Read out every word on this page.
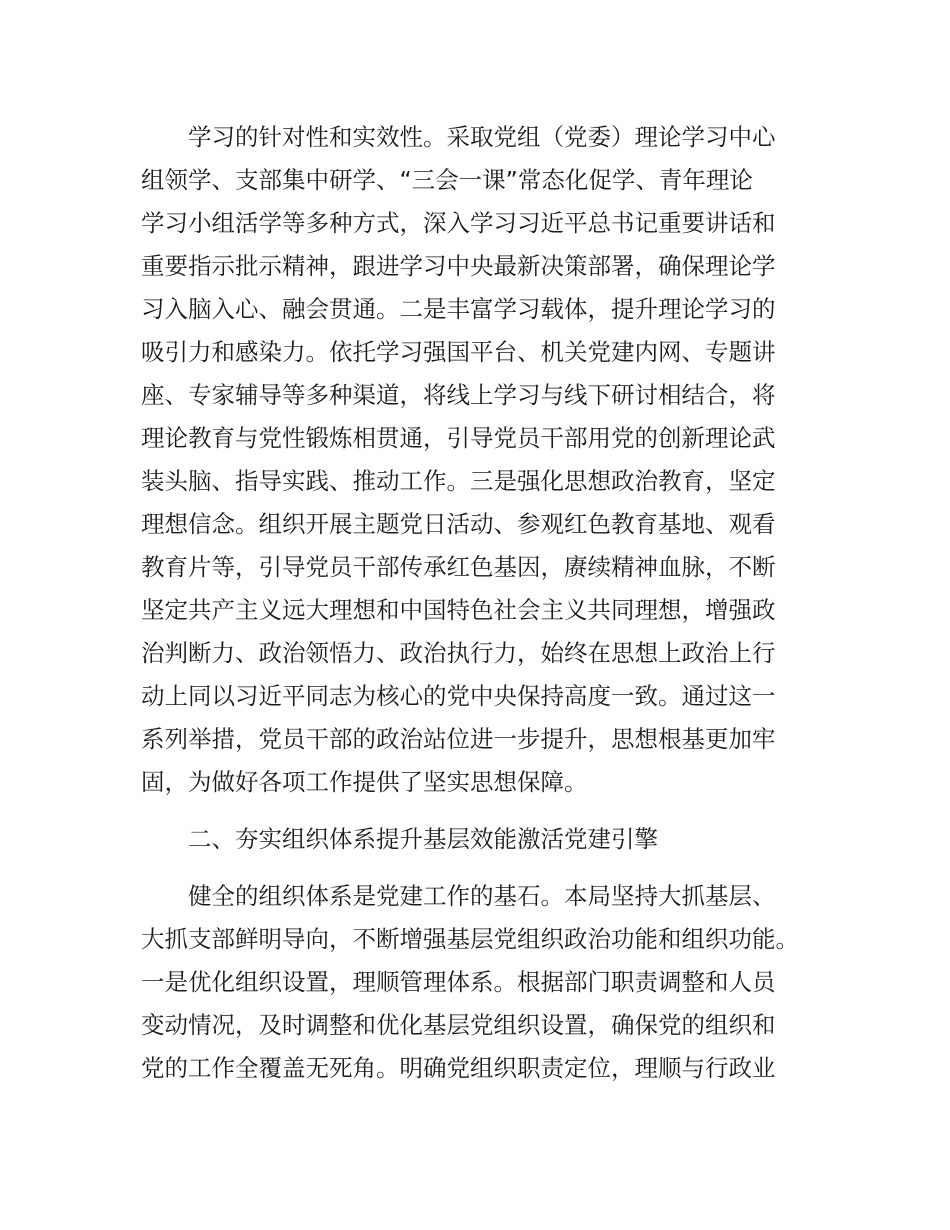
学习的针对性和实效性。采取党组（党委）理论学习中心
组领学、支部集中研学、“三会一课”常态化促学、青年理论
学习小组活学等多种方式，深入学习习近平总书记重要讲话和
重要指示批示精神，跟进学习中央最新决策部署，确保理论学
习入脑入心、融会贯通。二是丰富学习载体，提升理论学习的
吸引力和感染力。依托学习强国平台、机关党建内网、专题讲
座、专家辅导等多种渠道，将线上学习与线下研讨相结合，将
理论教育与党性锻炼相贯通，引导党员干部用党的创新理论武
装头脑、指导实践、推动工作。三是强化思想政治教育，坚定
理想信念。组织开展主题党日活动、参观红色教育基地、观看
教育片等，引导党员干部传承红色基因，赓续精神血脉，不断
坚定共产主义远大理想和中国特色社会主义共同理想，增强政
治判断力、政治领悟力、政治执行力，始终在思想上政治上行
动上同以习近平同志为核心的党中央保持高度一致。通过这一
系列举措，党员干部的政治站位进一步提升，思想根基更加牢
固，为做好各项工作提供了坚实思想保障。
二、夯实组织体系提升基层效能激活党建引擎
健全的组织体系是党建工作的基石。本局坚持大抓基层、
大抓支部鲜明导向，不断增强基层党组织政治功能和组织功能。
一是优化组织设置，理顺管理体系。根据部门职责调整和人员
变动情况，及时调整和优化基层党组织设置，确保党的组织和
党的工作全覆盖无死角。明确党组织职责定位，理顺与行政业
